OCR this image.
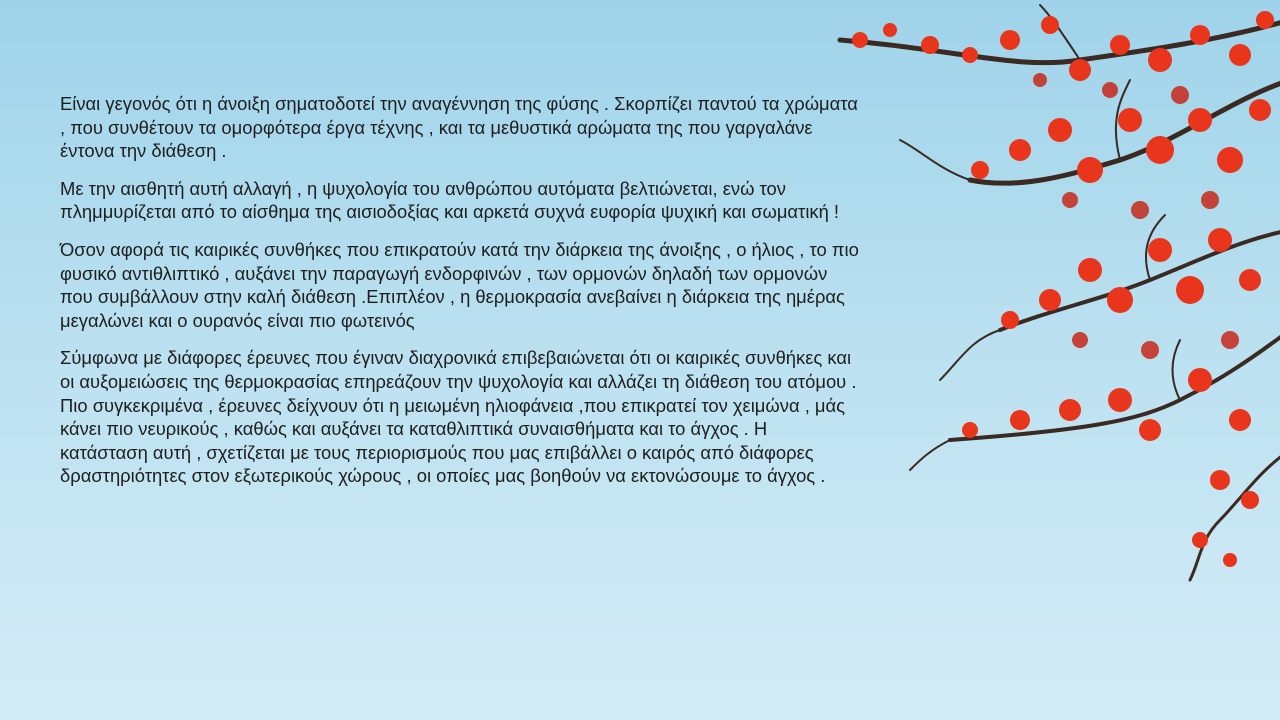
Είναι γεγονός ότι η άνοιξη σηματοδοτεί την αναγέννηση της φύσης . Σκορπίζει παντού τα χρώματα , που συνθέτουν τα ομορφότερα έργα τέχνης , και τα μεθυστικά αρώματα της που γαργαλάνε έντονα την διάθεση .

Με την αισθητή αυτή αλλαγή , η ψυχολογία του ανθρώπου αυτόματα βελτιώνεται, ενώ τον πλημμυρίζεται από το αίσθημα της αισιοδοξίας και αρκετά συχνά ευφορία ψυχική και σωματική !

Όσον αφορά τις καιρικές συνθήκες που επικρατούν κατά την διάρκεια της άνοιξης , ο ήλιος , το πιο φυσικό αντιθλιπτικό , αυξάνει την παραγωγή ενδορφινών , των ορμονών δηλαδή των ορμονών που συμβάλλουν στην καλή διάθεση .Επιπλέον , η θερμοκρασία ανεβαίνει η διάρκεια της ημέρας μεγαλώνει και ο ουρανός είναι πιο φωτεινός

Σύμφωνα με διάφορες έρευνες που έγιναν διαχρονικά επιβεβαιώνεται ότι οι καιρικές συνθήκες και οι αυξομειώσεις της θερμοκρασίας επηρεάζουν την ψυχολογία και αλλάζει τη διάθεση του ατόμου . Πιο συγκεκριμένα , έρευνες δείχνουν ότι η μειωμένη ηλιοφάνεια ,που επικρατεί τον χειμώνα , μάς κάνει πιο νευρικούς , καθώς και αυξάνει τα καταθλιπτικά συναισθήματα και το άγχος . Η κατάσταση αυτή , σχετίζεται με τους περιορισμούς που μας επιβάλλει ο καιρός από διάφορες δραστηριότητες στον εξωτερικούς χώρους , οι οποίες μας βοηθούν να εκτονώσουμε το άγχος .
